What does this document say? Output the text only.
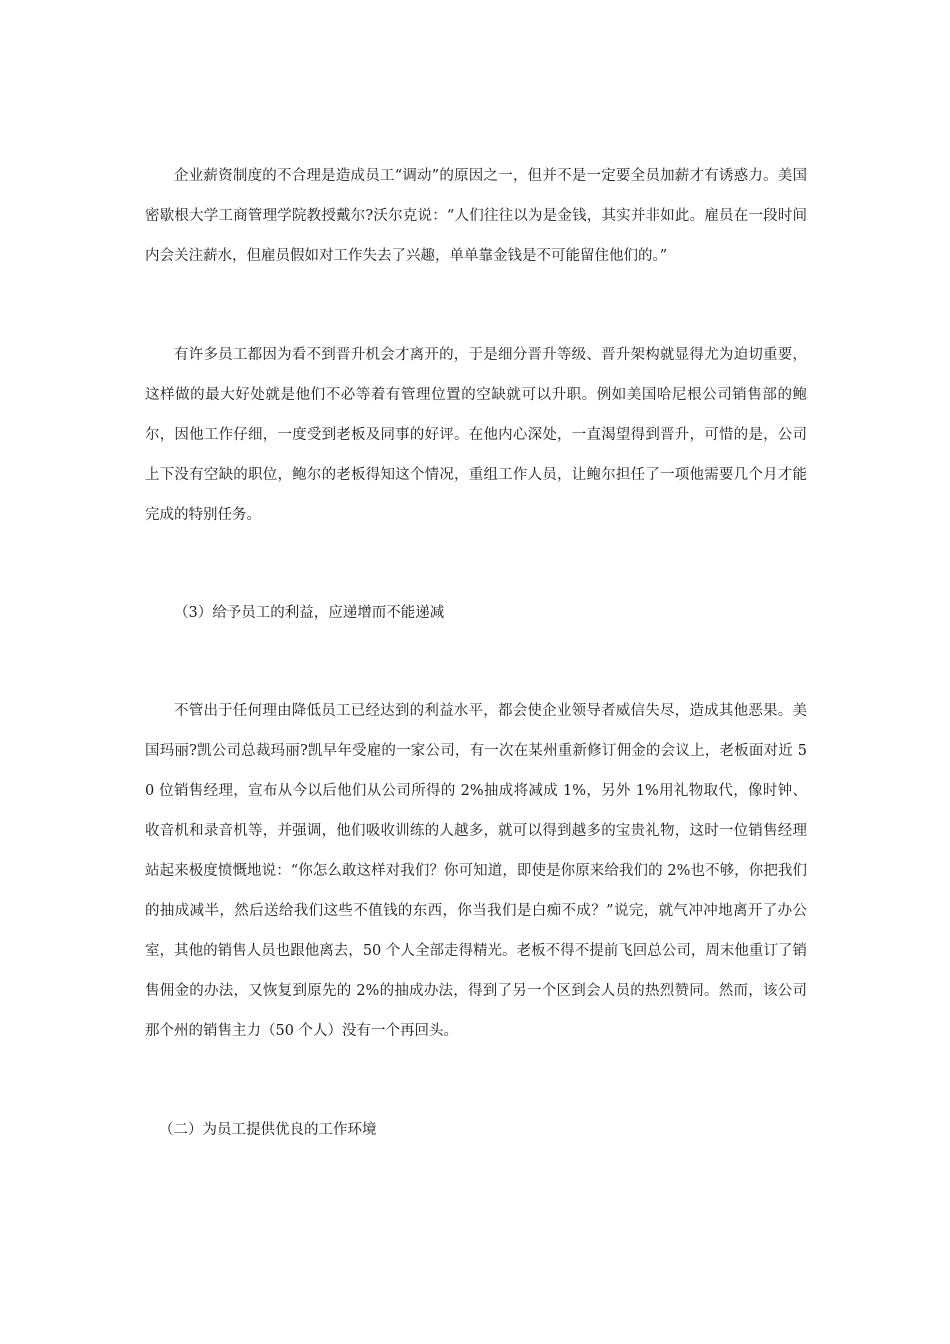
企业薪资制度的不合理是造成员工“调动”的原因之一，但并不是一定要全员加薪才有诱惑力。美国密歇根大学工商管理学院教授戴尔?沃尔克说：“人们往往以为是金钱，其实并非如此。雇员在一段时间内会关注薪水，但雇员假如对工作失去了兴趣，单单靠金钱是不可能留住他们的。”

有许多员工都因为看不到晋升机会才离开的，于是细分晋升等级、晋升架构就显得尤为迫切重要，这样做的最大好处就是他们不必等着有管理位置的空缺就可以升职。例如美国哈尼根公司销售部的鲍尔，因他工作仔细，一度受到老板及同事的好评。在他内心深处，一直渴望得到晋升，可惜的是，公司上下没有空缺的职位，鲍尔的老板得知这个情况，重组工作人员，让鲍尔担任了一项他需要几个月才能完成的特别任务。

（3）给予员工的利益，应递增而不能递减

不管出于任何理由降低员工已经达到的利益水平，都会使企业领导者威信失尽，造成其他恶果。美国玛丽?凯公司总裁玛丽?凯早年受雇的一家公司，有一次在某州重新修订佣金的会议上，老板面对近 50 位销售经理，宣布从今以后他们从公司所得的 2%抽成将减成 1%，另外 1%用礼物取代，像时钟、收音机和录音机等，并强调，他们吸收训练的人越多，就可以得到越多的宝贵礼物，这时一位销售经理站起来极度愤慨地说：“你怎么敢这样对我们？你可知道，即使是你原来给我们的 2%也不够，你把我们的抽成减半，然后送给我们这些不值钱的东西，你当我们是白痴不成？”说完，就气冲冲地离开了办公室，其他的销售人员也跟他离去，50 个人全部走得精光。老板不得不提前飞回总公司，周末他重订了销售佣金的办法，又恢复到原先的 2%的抽成办法，得到了另一个区到会人员的热烈赞同。然而，该公司那个州的销售主力（50 个人）没有一个再回头。

（二）为员工提供优良的工作环境
